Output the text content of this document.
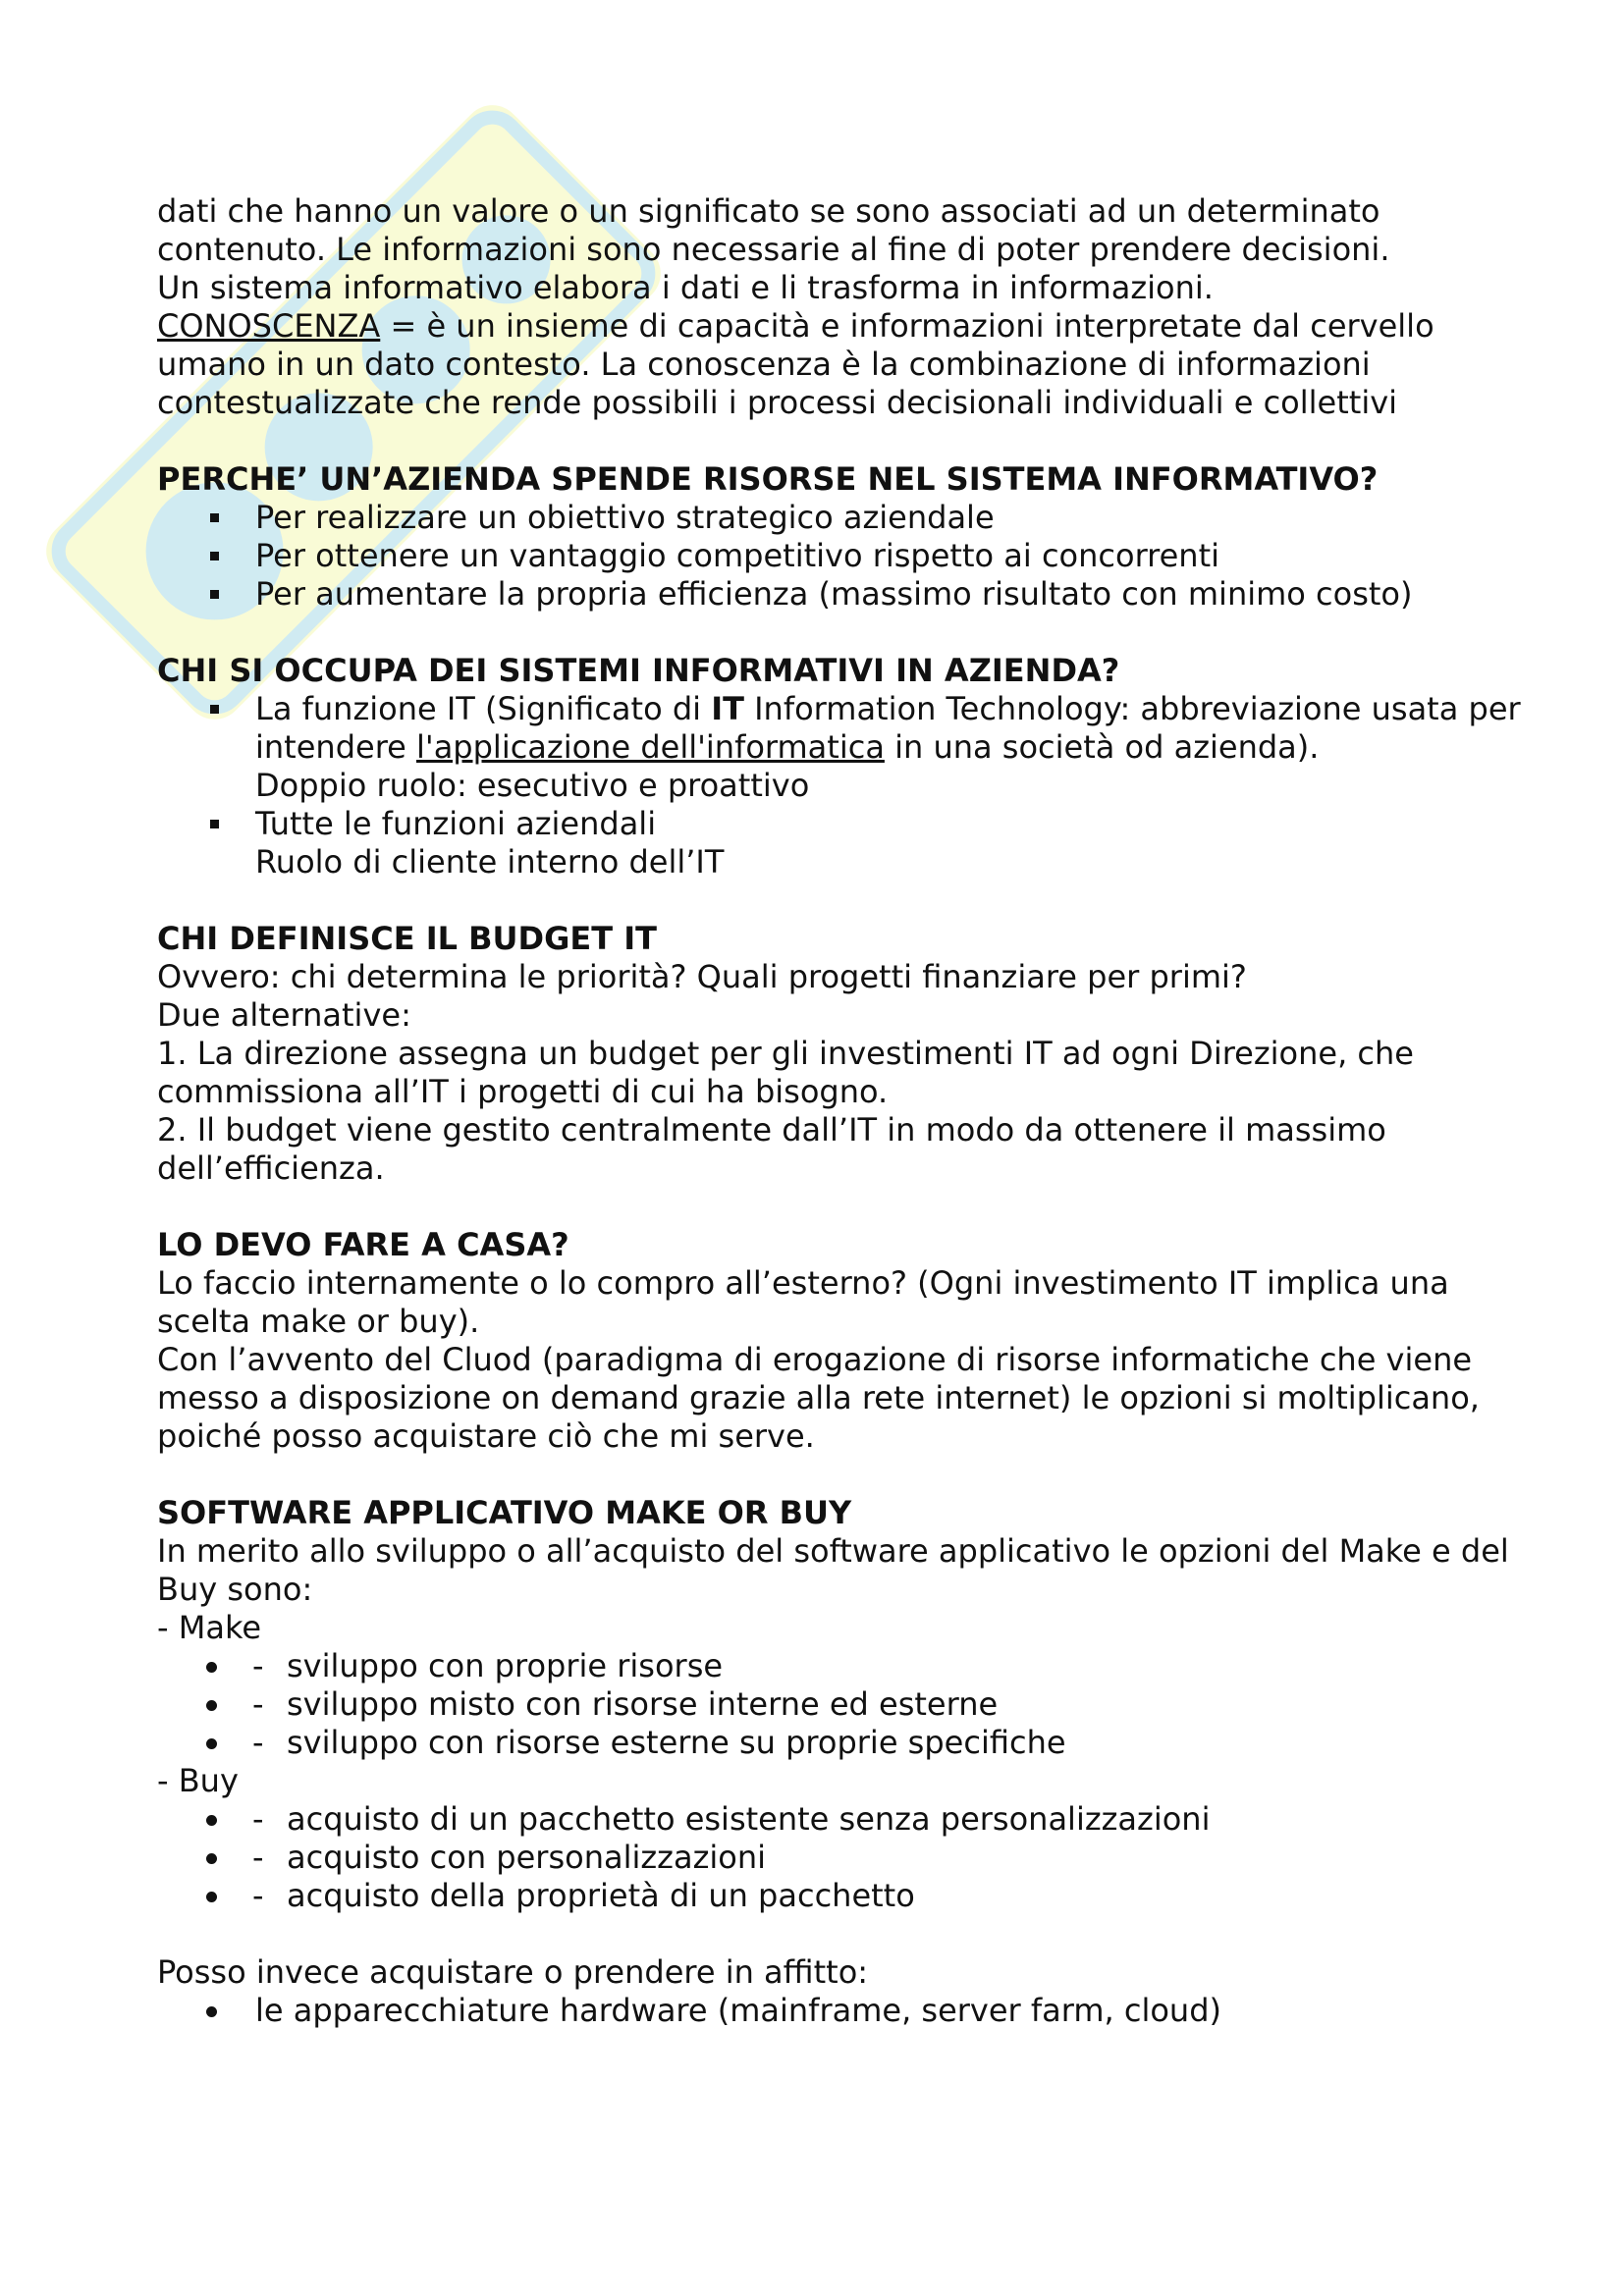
dati che hanno un valore o un significato se sono associati ad un determinato contenuto. Le informazioni sono necessarie al fine di poter prendere decisioni.

Un sistema informativo elabora i dati e li trasforma in informazioni.

CONOSCENZA = è un insieme di capacità e informazioni interpretate dal cervello umano in un dato contesto. La conoscenza è la combinazione di informazioni contestualizzate che rende possibili i processi decisionali individuali e collettivi

PERCHE’ UN’AZIENDA SPENDE RISORSE NEL SISTEMA INFORMATIVO?
Per realizzare un obiettivo strategico aziendale
Per ottenere un vantaggio competitivo rispetto ai concorrenti
Per aumentare la propria efficienza (massimo risultato con minimo costo)
CHI SI OCCUPA DEI SISTEMI INFORMATIVI IN AZIENDA?
La funzione IT (Significato di IT Information Technology: abbreviazione usata per intendere l'applicazione dell'informatica in una società od azienda).
Doppio ruolo: esecutivo e proattivo
Tutte le funzioni aziendali
Ruolo di cliente interno dell’IT
CHI DEFINISCE IL BUDGET IT

Ovvero: chi determina le priorità? Quali progetti finanziare per primi?

Due alternative:

1. La direzione assegna un budget per gli investimenti IT ad ogni Direzione, che commissiona all’IT i progetti di cui ha bisogno.

2. Il budget viene gestito centralmente dall’IT in modo da ottenere il massimo dell’efficienza.

LO DEVO FARE A CASA?

Lo faccio internamente o lo compro all’esterno? (Ogni investimento IT implica una scelta make or buy).

Con l’avvento del Cluod (paradigma di erogazione di risorse informatiche che viene messo a disposizione on demand grazie alla rete internet) le opzioni si moltiplicano, poiché posso acquistare ciò che mi serve.

SOFTWARE APPLICATIVO MAKE OR BUY

In merito allo sviluppo o all’acquisto del software applicativo le opzioni del Make e del Buy sono:

- Make

- sviluppo con proprie risorse
- sviluppo misto con risorse interne ed esterne
- sviluppo con risorse esterne su proprie specifiche

- Buy

- acquisto di un pacchetto esistente senza personalizzazioni
- acquisto con personalizzazioni
- acquisto della proprietà di un pacchetto

Posso invece acquistare o prendere in affitto:

le apparecchiature hardware (mainframe, server farm, cloud)
